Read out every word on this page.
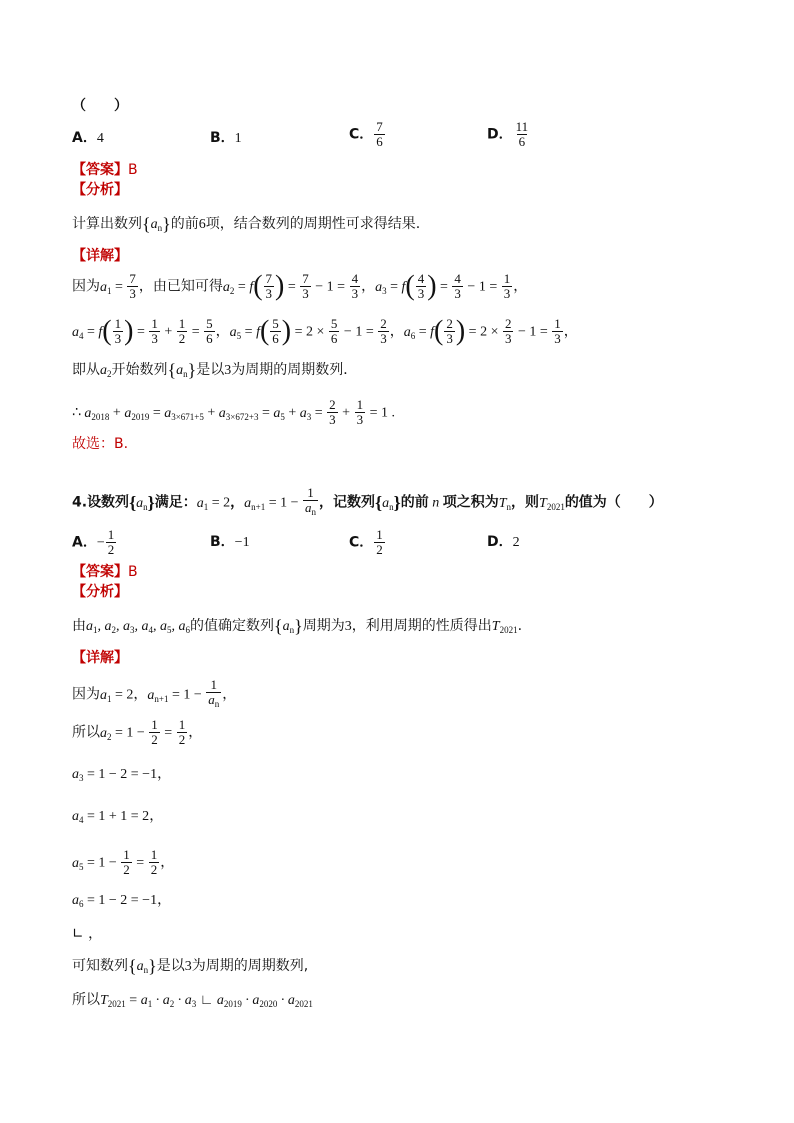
（　　）
A．4	B．1	C． $\frac{7}{6}$	D． $\frac{11}{6}$
【答案】B
【分析】
计算出数列$\{a_n\}$的前6项，结合数列的周期性可求得结果.
【详解】
因为$a_1 = \frac{7}{3}$ ，由已知可得$a_2 = f( \frac{7}{3}$ ) = $\frac{7}{3} - 1 = \frac{4}{3}$ ，$a_3 = f( \frac{4}{3}$ ) = $\frac{4}{3} - 1 = \frac{1}{3}$ ，
$a_4 = f( \frac{1}{3}$ ) = $\frac{1}{3} + \frac{1}{2} = \frac{5}{6}$ ，$a_5 = f( \frac{5}{6}$ ) = $2 \times \frac{5}{6} - 1 = \frac{2}{3}$ ，$a_6 = f( \frac{2}{3}$ ) = $2 \times \frac{2}{3} - 1 = \frac{1}{3}$ ，
即从$a_2$开始数列$\{a_n\}$是以3为周期的周期数列．
∴ $a_{2018} + a_{2019} = a_{3\times 671+5} + a_{3\times 672+3} = a_5 + a_3 = \frac{2}{3} + \frac{1}{3} = 1$ .
故选：B.
4.设数列$\{a_n\}$满足：$a_1 = 2$，$a_{n+1} = 1 - \frac{1}{a_n}$ ，记数列$\{a_n\}$的前 n 项之积为$T_n$，则$T_{2021}$的值为（　　）
A．− $\frac{1}{2}$	B．−1	C． $\frac{1}{2}$	D．2
【答案】B
【分析】
由$a_1$, $a_2$, $a_3$, $a_4$, $a_5$, $a_6$的值确定数列$\{a_n\}$周期为3，利用周期的性质得出$T_{2021}$.
【详解】
因为$a_1 = 2$，$a_{n+1} = 1 - \frac{1}{a_n}$ ，
所以$a_2 = 1 - \frac{1}{2} = \frac{1}{2}$ ，
$a_3 = 1 - 2 = -1$，
$a_4 = 1 + 1 = 2$，
$a_5 = 1 - \frac{1}{2} = \frac{1}{2}$ ，
$a_6 = 1 - 2 = -1$，
∟ ，
可知数列$\{a_n\}$是以3为周期的周期数列,
所以$T_{2021} = a_1 \cdot a_2 \cdot a_3$ ∟ $a_{2019} \cdot a_{2020} \cdot a_{2021}$
